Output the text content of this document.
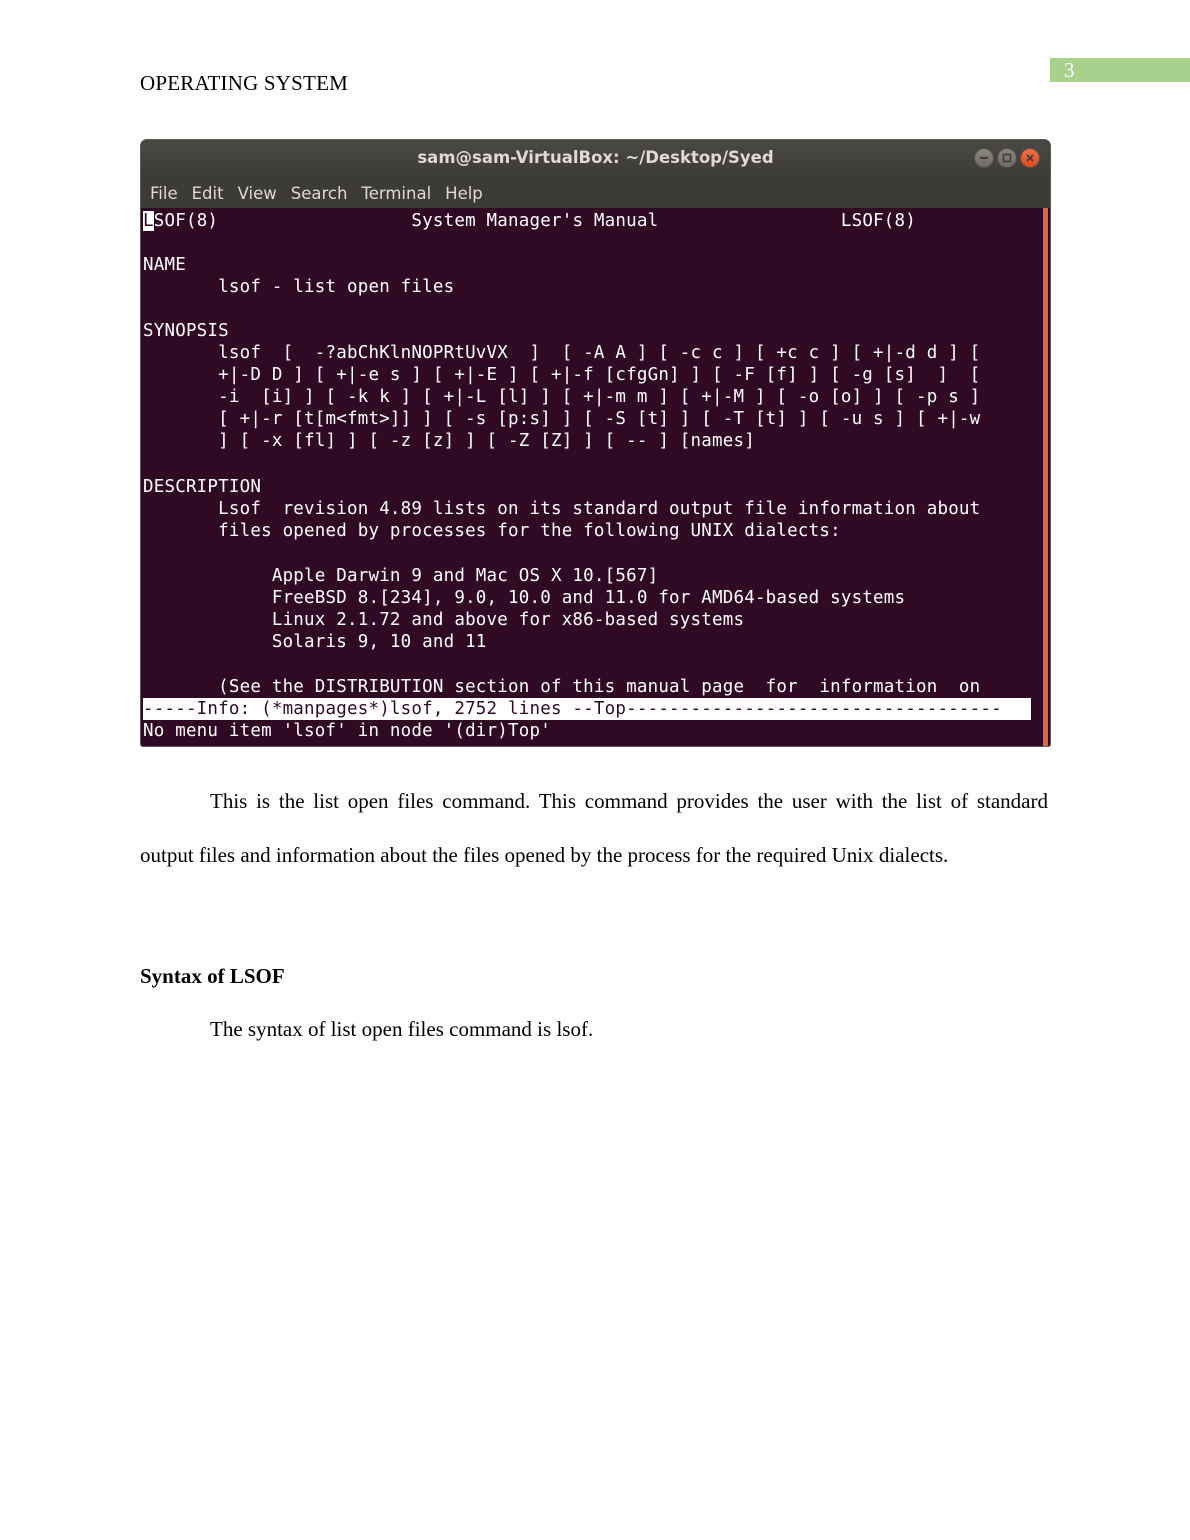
3
OPERATING SYSTEM
sam@sam-VirtualBox: ~/Desktop/Syed
File Edit View Search Terminal Help
LSOF(8)                  System Manager's Manual                 LSOF(8)
NAME
lsof - list open files
SYNOPSIS
lsof  [  -?abChKlnNOPRtUvVX  ]  [ -A A ] [ -c c ] [ +c c ] [ +|-d d ] [
+|-D D ] [ +|-e s ] [ +|-E ] [ +|-f [cfgGn] ] [ -F [f] ] [ -g [s]  ]  [
-i  [i] ] [ -k k ] [ +|-L [l] ] [ +|-m m ] [ +|-M ] [ -o [o] ] [ -p s ]
[ +|-r [t[m<fmt>]] ] [ -s [p:s] ] [ -S [t] ] [ -T [t] ] [ -u s ] [ +|-w
] [ -x [fl] ] [ -z [z] ] [ -Z [Z] ] [ -- ] [names]
DESCRIPTION
Lsof  revision 4.89 lists on its standard output file information about
files opened by processes for the following UNIX dialects:
Apple Darwin 9 and Mac OS X 10.[567]
FreeBSD 8.[234], 9.0, 10.0 and 11.0 for AMD64-based systems
Linux 2.1.72 and above for x86-based systems
Solaris 9, 10 and 11
(See the DISTRIBUTION section of this manual page  for  information  on
No menu item 'lsof' in node '(dir)Top'
-----Info: (*manpages*)lsof, 2752 lines --Top-----------------------------------
This is the list open files command. This command provides the user with the list of standard output files and information about the files opened by the process for the required Unix dialects.
Syntax of LSOF
The syntax of list open files command is lsof.
